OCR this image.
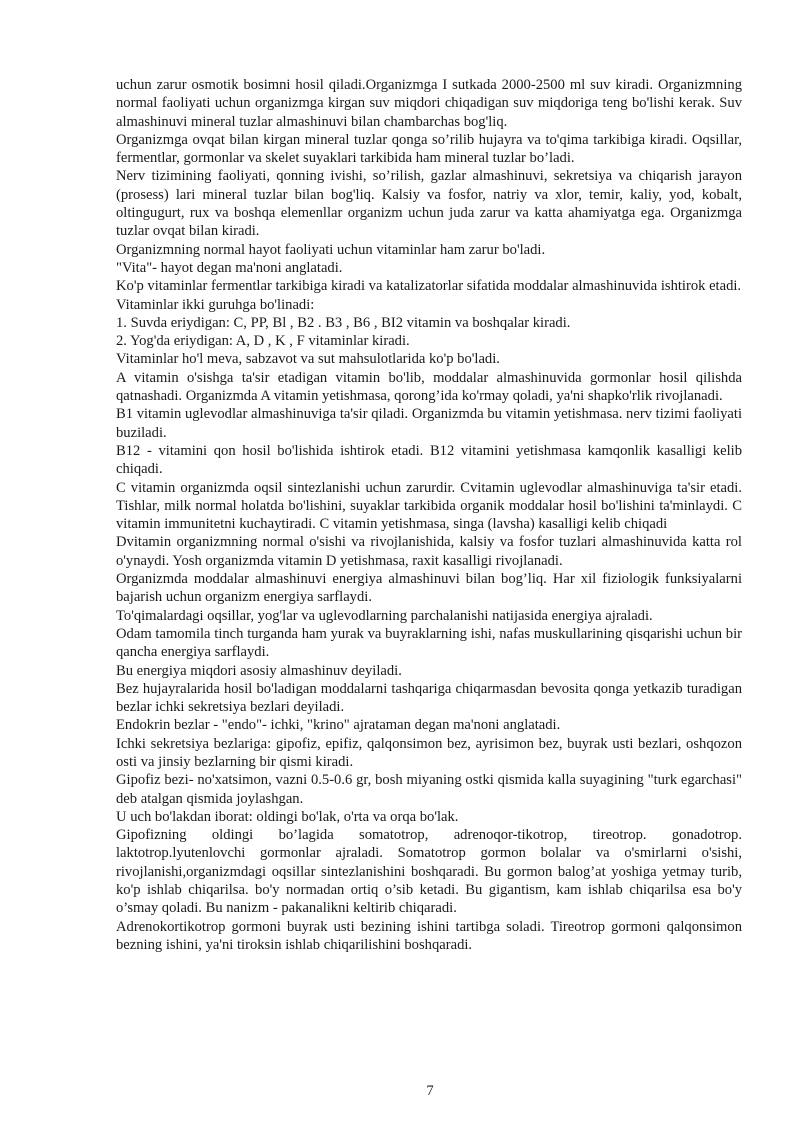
uchun zarur osmotik bosimni hosil qiladi.Organizmga I sutkada 2000-2500 ml suv kiradi. Organizmning normal faoliyati uchun organizmga kirgan suv miqdori chiqadigan suv miqdoriga teng bo'lishi kerak. Suv almashinuvi mineral tuzlar almashinuvi bilan chambarchas bog'liq.

Organizmga ovqat bilan kirgan mineral tuzlar qonga so’rilib hujayra va to'qima tarkibiga kiradi. Oqsillar, fermentlar, gormonlar va skelet suyaklari tarkibida ham mineral tuzlar bo’ladi.

Nerv tizimining faoliyati, qonning ivishi, so’rilish, gazlar almashinuvi, sekretsiya va chiqarish jarayon (prosess) lari mineral tuzlar bilan bog'liq. Kalsiy va fosfor, natriy va xlor, temir, kaliy, yod, kobalt, oltingugurt, rux va boshqa elemenllar organizm uchun juda zarur va katta ahamiyatga ega. Organizmga tuzlar ovqat bilan kiradi.

Organizmning normal hayot faoliyati uchun vitaminlar ham zarur bo'ladi.

"Vita"- hayot degan ma'noni anglatadi.

Ko'p vitaminlar fermentlar tarkibiga kiradi va katalizatorlar sifatida moddalar almashinuvida ishtirok etadi.

Vitaminlar ikki guruhga bo'linadi:

1. Suvda eriydigan: C, PP, Bl , B2 . B3 , B6 , BI2 vitamin va boshqalar kiradi.

2. Yog'da eriydigan: A, D , K , F vitaminlar kiradi.

Vitaminlar ho'l meva, sabzavot va sut mahsulotlarida ko'p bo'ladi.

A vitamin o'sishga ta'sir etadigan vitamin bo'lib, moddalar almashinuvida gormonlar hosil qilishda qatnashadi. Organizmda A vitamin yetishmasa, qorong’ida ko'rmay qoladi, ya'ni shapko'rlik rivojlanadi.

B1 vitamin uglevodlar almashinuviga ta'sir qiladi. Organizmda bu vitamin yetishmasa. nerv tizimi faoliyati buziladi.

B12 - vitamini qon hosil bo'lishida ishtirok etadi. B12 vitamini yetishmasa kamqonlik kasalligi kelib chiqadi.

C vitamin organizmda oqsil sintezlanishi uchun zarurdir. Cvitamin uglevodlar almashinuviga ta'sir etadi. Tishlar, milk normal holatda bo'lishini, suyaklar tarkibida organik moddalar hosil bo'lishini ta'minlaydi. C vitamin immunitetni kuchaytiradi. C vitamin yetishmasa, singa (lavsha) kasalligi kelib chiqadi

Dvitamin organizmning normal o'sishi va rivojlanishida, kalsiy va fosfor tuzlari almashinuvida katta rol o'ynaydi. Yosh organizmda vitamin D yetishmasa, raxit kasalligi rivojlanadi.

Organizmda moddalar almashinuvi energiya almashinuvi bilan bog’liq. Har xil fiziologik funksiyalarni bajarish uchun organizm energiya sarflaydi.

To'qimalardagi oqsillar, yog'lar va uglevodlarning parchalanishi natijasida energiya ajraladi.

Odam tamomila tinch turganda ham yurak va buyraklarning ishi, nafas muskullarining qisqarishi uchun bir qancha energiya sarflaydi.

Bu energiya miqdori asosiy almashinuv deyiladi.

Bez hujayralarida hosil bo'ladigan moddalarni tashqariga chiqarmasdan bevosita qonga yetkazib turadigan bezlar ichki sekretsiya bezlari deyiladi.

Endokrin bezlar - "endo"- ichki, "krino" ajrataman degan ma'noni anglatadi.

Ichki sekretsiya bezlariga: gipofiz, epifiz, qalqonsimon bez, ayrisimon bez, buyrak usti bezlari, oshqozon osti va jinsiy bezlarning bir qismi kiradi.

Gipofiz bezi- no'xatsimon, vazni 0.5-0.6 gr, bosh miyaning ostki qismida kalla suyagining "turk egarchasi" deb atalgan qismida joylashgan.

U uch bo'lakdan iborat: oldingi bo'lak, o'rta va orqa bo'lak.

Gipofizning oldingi bo’lagida somatotrop, adrenoqor-tikotrop, tireotrop. gonadotrop. laktotrop.lyutenlovchi gormonlar ajraladi. Somatotrop gormon bolalar va o'smirlarni o'sishi, rivojlanishi,organizmdagi oqsillar sintezlanishini boshqaradi. Bu gormon balog’at yoshiga yetmay turib, ko'p ishlab chiqarilsa. bo'y normadan ortiq o’sib ketadi. Bu gigantism, kam ishlab chiqarilsa esa bo'y o’smay qoladi. Bu nanizm - pakanalikni keltirib chiqaradi.

Adrenokortikotrop gormoni buyrak usti bezining ishini tartibga soladi. Tireotrop gormoni qalqonsimon bezning ishini, ya'ni tiroksin ishlab chiqarilishini boshqaradi.

7
